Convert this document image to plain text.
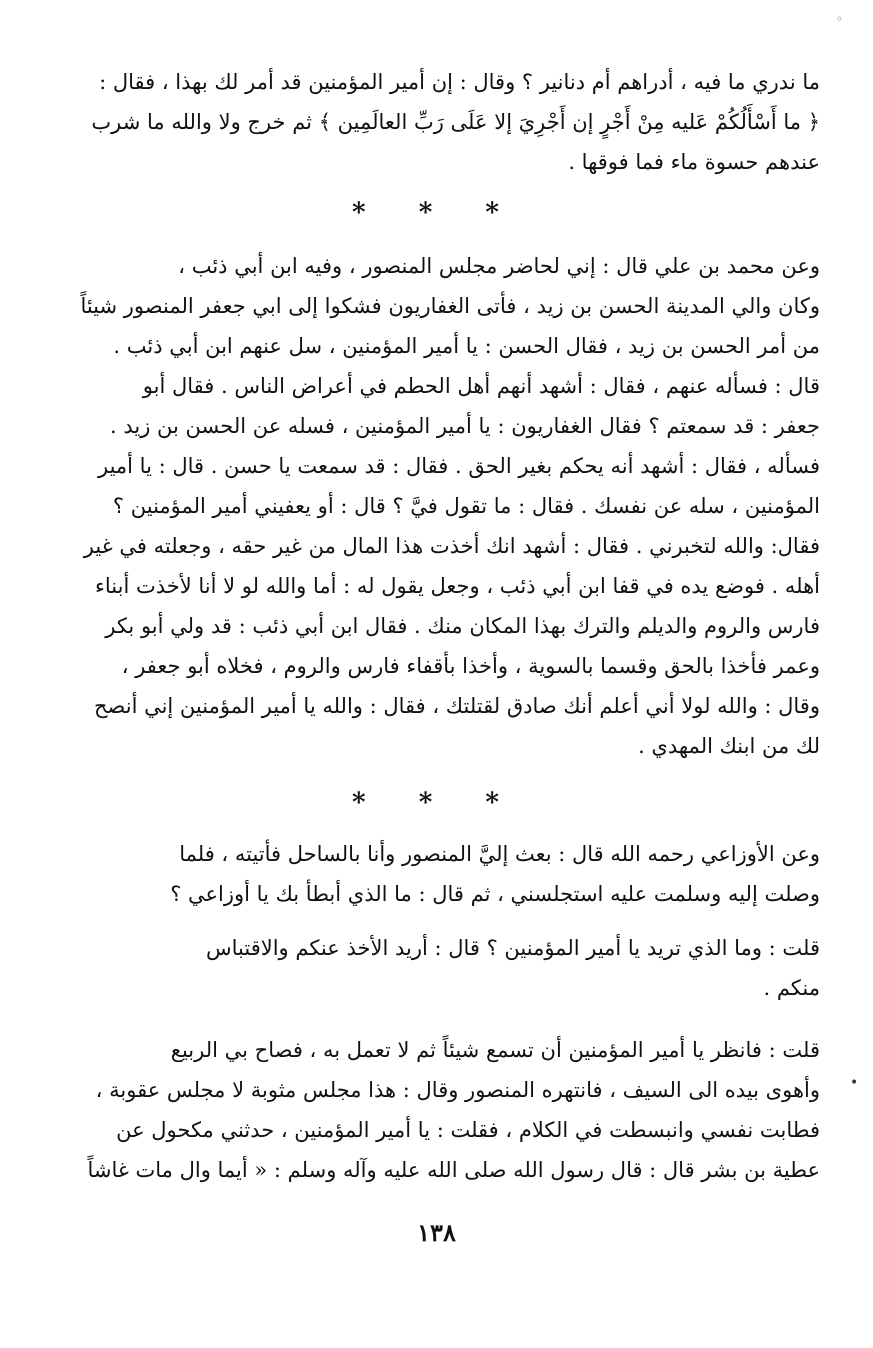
◦
ما ندري ما فيه ، أدراهم أم دنانير ؟ وقال : إن أمير المؤمنين قد أمر لك بهذا ، فقال :
﴿ ما أَسْأَلُكُمْ عَليه مِنْ أَجْرٍ إن أَجْرِيَ إلا عَلَى رَبِّ العالَمِين ﴾ ثم خرج ولا والله ما شرب
عندهم حسوة ماء فما فوقها .
* * *
وعن محمد بن علي قال : إني لحاضر مجلس المنصور ، وفيه ابن أبي ذئب ،
وكان والي المدينة الحسن بن زيد ، فأتى الغفاريون فشكوا إلى ابي جعفر المنصور شيئاً
من أمر الحسن بن زيد ، فقال الحسن : يا أمير المؤمنين ، سل عنهم ابن أبي ذئب .
قال : فسأله عنهم ، فقال : أشهد أنهم أهل الحطم في أعراض الناس . فقال أبو
جعفر : قد سمعتم ؟ فقال الغفاريون : يا أمير المؤمنين ، فسله عن الحسن بن زيد .
فسأله ، فقال : أشهد أنه يحكم بغير الحق . فقال : قد سمعت يا حسن . قال : يا أمير
المؤمنين ، سله عن نفسك . فقال : ما تقول فيَّ ؟ قال : أو يعفيني أمير المؤمنين ؟
فقال: والله لتخبرني . فقال : أشهد انك أخذت هذا المال من غير حقه ، وجعلته في غير
أهله . فوضع يده في قفا ابن أبي ذئب ، وجعل يقول له : أما والله لو لا أنا لأخذت أبناء
فارس والروم والديلم والترك بهذا المكان منك . فقال ابن أبي ذئب : قد ولي أبو بكر
وعمر فأخذا بالحق وقسما بالسوية ، وأخذا بأقفاء فارس والروم ، فخلاه أبو جعفر ،
وقال : والله لولا أني أعلم أنك صادق لقتلتك ، فقال : والله يا أمير المؤمنين إني أنصح
لك من ابنك المهدي .
* * *
وعن الأوزاعي رحمه الله قال : بعث إليَّ المنصور وأنا بالساحل فأتيته ، فلما
وصلت إليه وسلمت عليه استجلسني ، ثم قال : ما الذي أبطأ بك يا أوزاعي ؟
قلت : وما الذي تريد يا أمير المؤمنين ؟ قال : أريد الأخذ عنكم والاقتباس
منكم .
قلت : فانظر يا أمير المؤمنين أن تسمع شيئاً ثم لا تعمل به ، فصاح بي الربيع
وأهوى بيده الى السيف ، فانتهره المنصور وقال : هذا مجلس مثوبة لا مجلس عقوبة ،
فطابت نفسي وانبسطت في الكلام ، فقلت : يا أمير المؤمنين ، حدثني مكحول عن
عطية بن بشر قال : قال رسول الله صلى الله عليه وآله وسلم : « أيما وال مات غاشاً
•
١٣٨
